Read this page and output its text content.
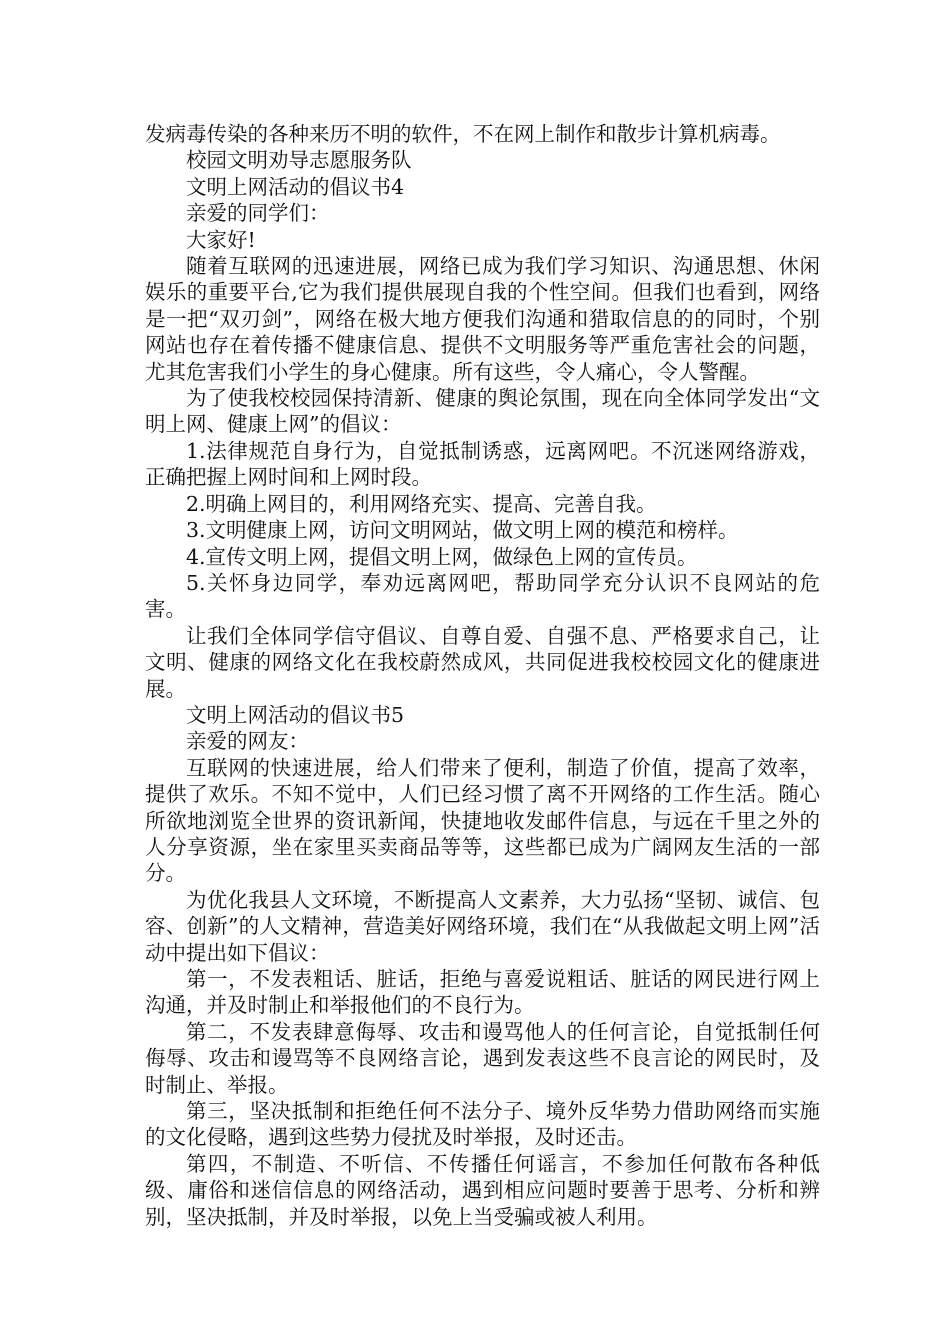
发病毒传染的各种来历不明的软件，不在网上制作和散步计算机病毒。

校园文明劝导志愿服务队

文明上网活动的倡议书4

亲爱的同学们：

大家好!

随着互联网的迅速进展，网络已成为我们学习知识、沟通思想、休闲娱乐的重要平台,它为我们提供展现自我的个性空间。但我们也看到，网络是一把“双刃剑”，网络在极大地方便我们沟通和猎取信息的的同时，个别网站也存在着传播不健康信息、提供不文明服务等严重危害社会的问题，尤其危害我们小学生的身心健康。所有这些，令人痛心，令人警醒。

为了使我校校园保持清新、健康的舆论氛围，现在向全体同学发出“文明上网、健康上网”的倡议：

1.法律规范自身行为，自觉抵制诱惑，远离网吧。不沉迷网络游戏，正确把握上网时间和上网时段。

2.明确上网目的，利用网络充实、提高、完善自我。

3.文明健康上网，访问文明网站，做文明上网的模范和榜样。

4.宣传文明上网，提倡文明上网，做绿色上网的宣传员。

5.关怀身边同学，奉劝远离网吧，帮助同学充分认识不良网站的危害。

让我们全体同学信守倡议、自尊自爱、自强不息、严格要求自己，让文明、健康的网络文化在我校蔚然成风，共同促进我校校园文化的健康进展。

文明上网活动的倡议书5

亲爱的网友：

互联网的快速进展，给人们带来了便利，制造了价值，提高了效率，提供了欢乐。不知不觉中，人们已经习惯了离不开网络的工作生活。随心所欲地浏览全世界的资讯新闻，快捷地收发邮件信息，与远在千里之外的人分享资源，坐在家里买卖商品等等，这些都已成为广阔网友生活的一部分。

为优化我县人文环境，不断提高人文素养，大力弘扬“坚韧、诚信、包容、创新”的人文精神，营造美好网络环境，我们在“从我做起文明上网”活动中提出如下倡议：

第一，不发表粗话、脏话，拒绝与喜爱说粗话、脏话的网民进行网上沟通，并及时制止和举报他们的不良行为。

第二，不发表肆意侮辱、攻击和谩骂他人的任何言论，自觉抵制任何侮辱、攻击和谩骂等不良网络言论，遇到发表这些不良言论的网民时，及时制止、举报。

第三，坚决抵制和拒绝任何不法分子、境外反华势力借助网络而实施的文化侵略，遇到这些势力侵扰及时举报，及时还击。

第四，不制造、不听信、不传播任何谣言，不参加任何散布各种低级、庸俗和迷信信息的网络活动，遇到相应问题时要善于思考、分析和辨别，坚决抵制，并及时举报，以免上当受骗或被人利用。
